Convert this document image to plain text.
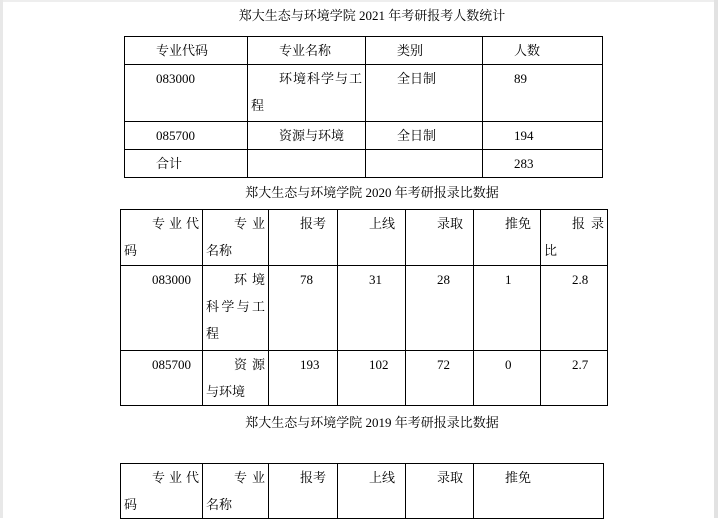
郑大生态与环境学院 2021 年考研报考人数统计
专业代码	专业名称	类别	人数
083000	环境科学与工程	全日制	89
085700	资源与环境	全日制	194
合计			283
郑大生态与环境学院 2020 年考研报录比数据
专业代码	专业名称	报考	上线	录取	推免	报录比
083000	环境科学与工程	78	31	28	1	2.8
085700	资源与环境	193	102	72	0	2.7
郑大生态与环境学院 2019 年考研报录比数据
专业代码	专业名称	报考	上线	录取	推免
